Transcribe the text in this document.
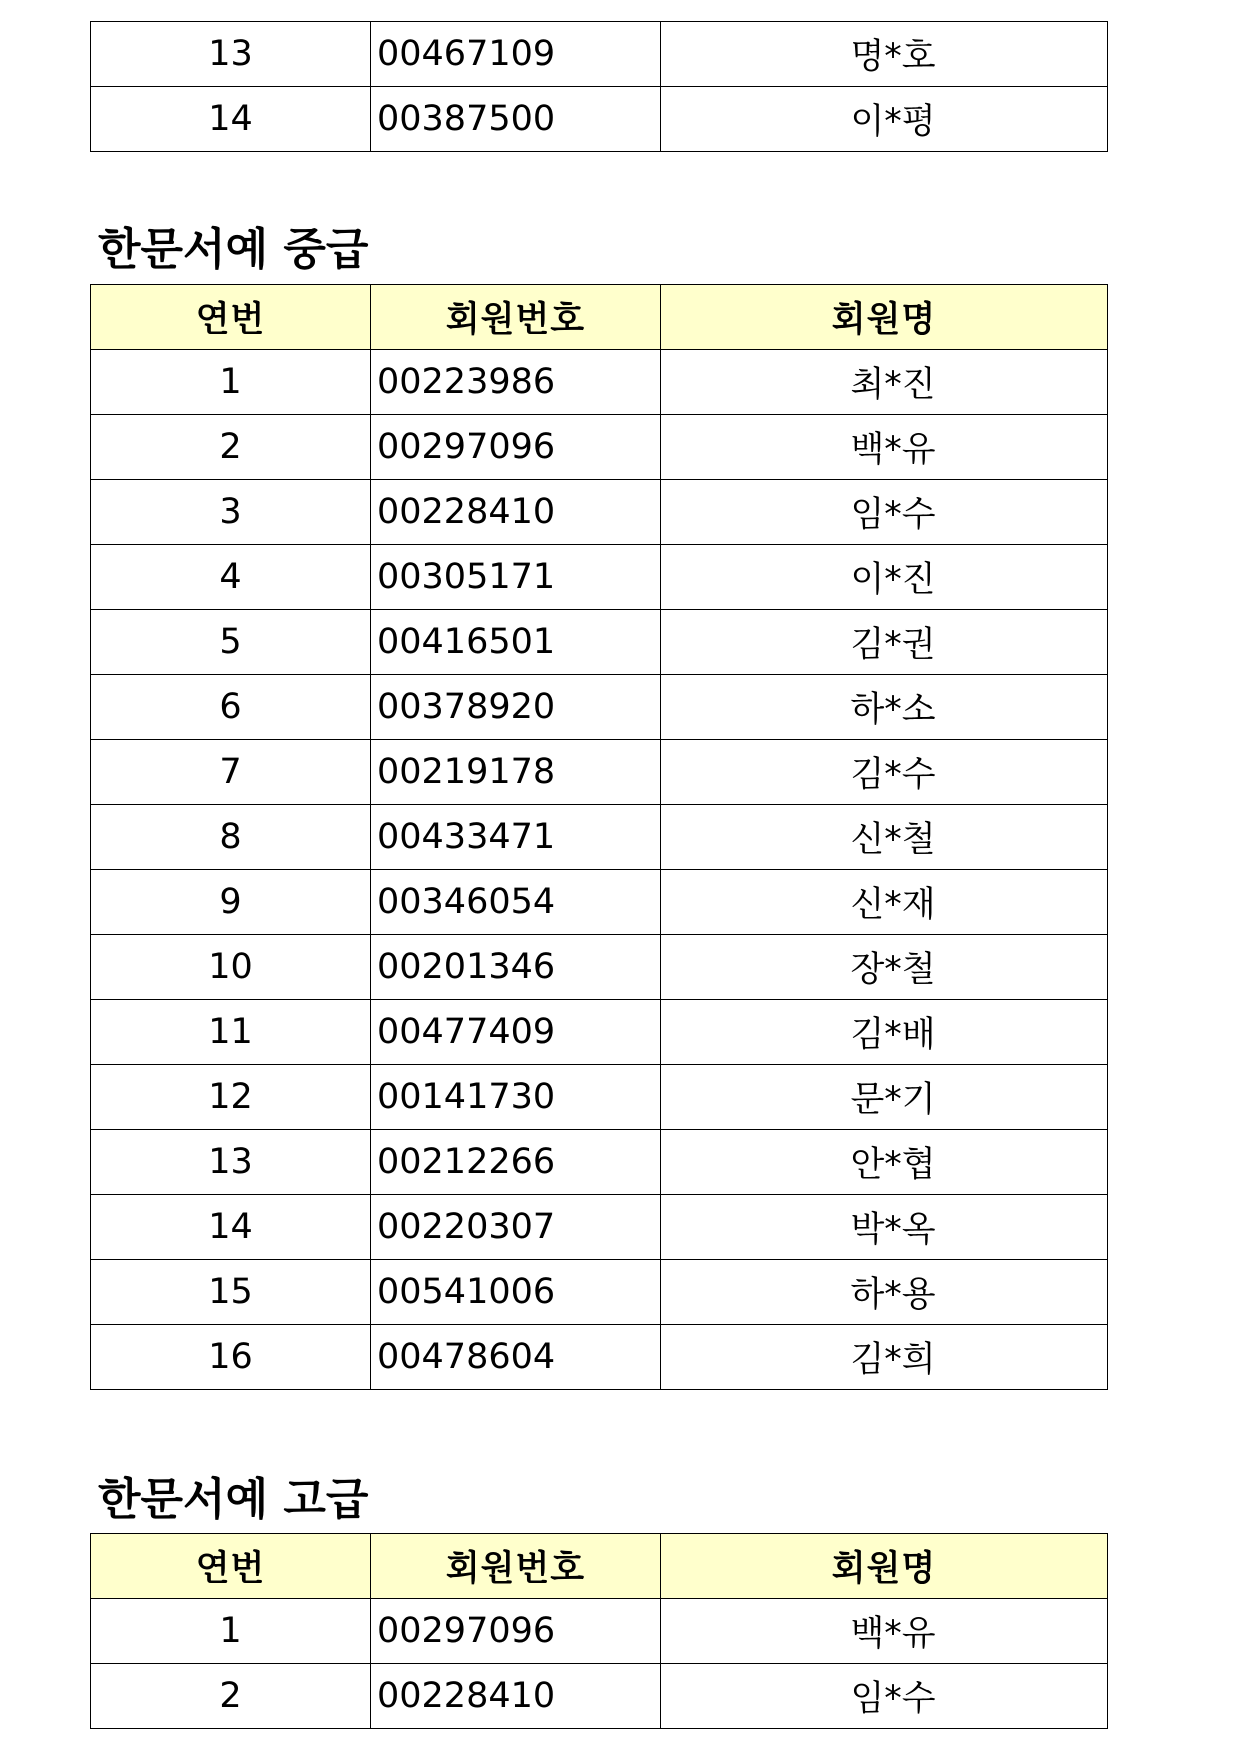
13	00467109	명*호
14	00387500	이*평
한문서예 중급
연번	회원번호	회원명
1	00223986	최*진
2	00297096	백*유
3	00228410	임*수
4	00305171	이*진
5	00416501	김*권
6	00378920	하*소
7	00219178	김*수
8	00433471	신*철
9	00346054	신*재
10	00201346	장*철
11	00477409	김*배
12	00141730	문*기
13	00212266	안*협
14	00220307	박*옥
15	00541006	하*용
16	00478604	김*희
한문서예 고급
연번	회원번호	회원명
1	00297096	백*유
2	00228410	임*수
